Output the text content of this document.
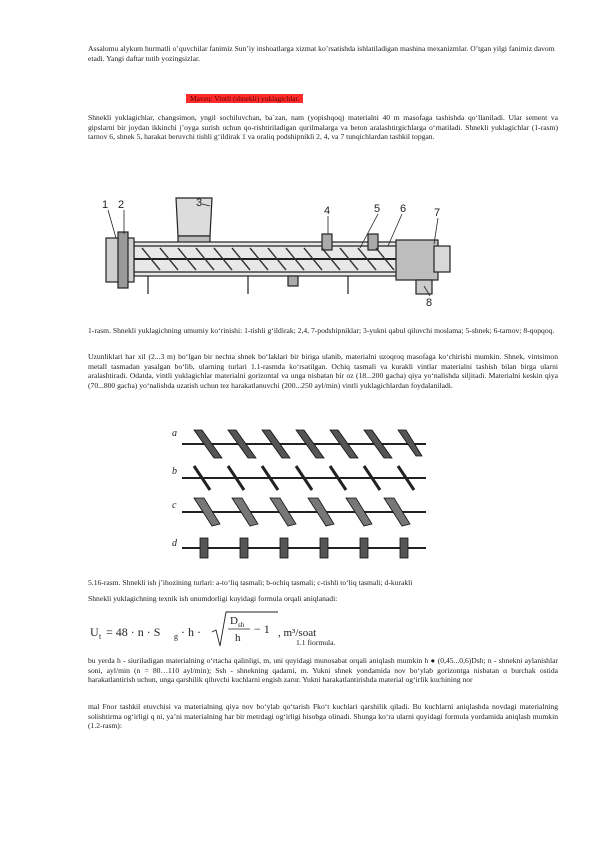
Assalomu alykum hurmatli o’quvchilar fanimiz Sun’iy inshoatlarga xizmat ko’rsatishda ishlatiladigan mashina mexanizmlar. O’tgan yilgi fanimiz davom etadi. Yangi daftar tutib yozingsizlar.

Mavzu: Vintli (shnekli) yuklagichlar.

Shnekli yuklagichlar, changsimon, yngil sochiluvchan, ba`zan, nam (yopishqoq) materialni 40 m masofaga tashishda qo‘llaniladi. Ular sement va gipslarni bir joydan ikkinchi j’oyga surish uchun qo-rishtiriladigan qurilmalarga va beton aralashtirgichlarga o‘rnatiladi. Shnekli yuklagichlar (1-rasm) tarnov 6, shnek 5, harakat beruvchi tishli g‘ildirak 1 va oraliq podshipnikli 2, 4, va 7 tunqichlardan tashkil topgan.

1 2	3
4	5 6	7
8

1-rasm. Shnekli yuklagichning umumiy ko‘rinishi: 1-tishli g‘ildirak; 2,4, 7-podshipniklar; 3-yukni qabul qiluvchi moslama; 5-shnek; 6-tarnov; 8-qopqoq.

Uzunliklari har xil (2...3 m) bo‘lgan bir nechta shnek bo‘laklari bir biriga ulanib, materialni uzoqroq masofaga ko‘chirishi mumkin. Shnek, vintsimon metall tasmadan yasalgan bo‘lib, ularning turlari 1.1-rasmda ko‘rsatilgan. Ochiq tasmali va kurakli vintlar materialni tashish bilan birga ularni aralashtiradi. Odatda, vintli yuklagichlar materialni gorizontal va unga nisbatan bir oz (18...200 gacha) qiya yo‘nalishda siljitadi. Materialni keskin qiya (70...800 gacha) yo‘nalishda uzatish uchun tez harakatlanuvchi (200...250 ayl/min) vintli yuklagichlardan foydalaniladi.

a
b
c
d

5.16-rasm. Shnekli ish j’ihozining turlari: a-to‘liq tasmali; b-ochiq tasmali; c-tishli to‘liq tasmali; d-kurakli

Shnekli yuklagichning texnik ish unumdorligi kuyidagi formula orqali aniqlanadi:

U t = 48 · n · S g · h ·
D sh
h
− 1 , m³/soat

1.1 fiormula.

bu yerda h - siuriladigan materialning o‘rtacha qalinligi, m, uni quyidagi munosabat orqali aniqlash mumkin h ● (0,45...0,6)Dsh; n - shnekni aylanishlar soni, ayl/min (n = 80…110 ayl/min); Ssh - shnekning qadami, m. Yukni shnek yondamida nov bo‘ylab gorizontga nisbatan α burchak ostida harakatlantirish uchun, unga qarshilik qiluvchi kuchlarni engish zarur. Yukni harakatlantirishda material og‘irlik kuchining nor

mal Fnor tashkil etuvchisi va materialning qiya nov bo‘ylab qo‘tarish Fko‘t kuchlari qarshilik qiladi. Bu kuchlarni aniqlashda novdagi materialning solishtirma og‘irligi q ni, ya’ni materialning har bir metrdagi og‘irligi hisobga olinadi. Shunga ko‘ra ularni quyidagi formula yordamida aniqlash mumkin (1.2-rasm):
